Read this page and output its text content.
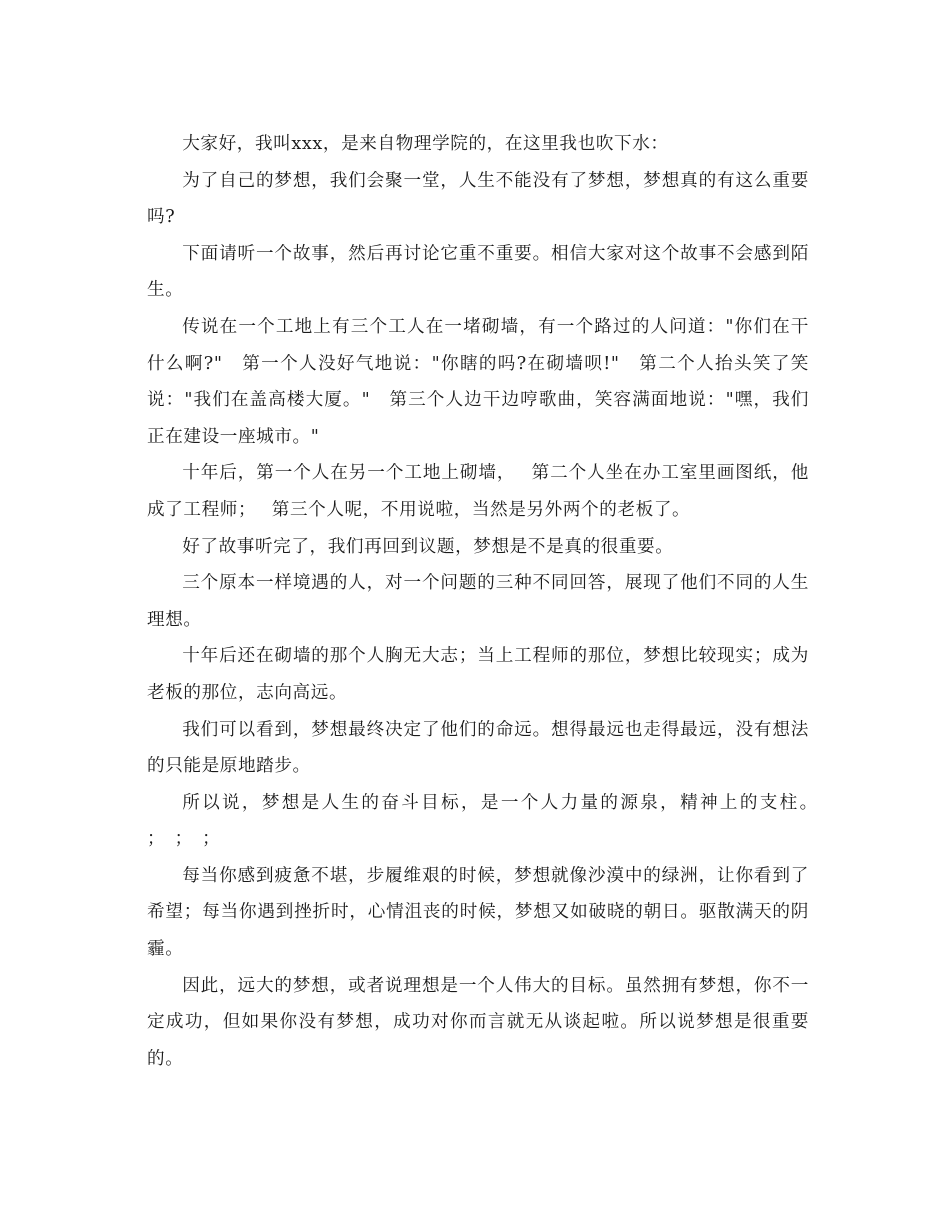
大家好，我叫xxx，是来自物理学院的，在这里我也吹下水：

为了自己的梦想，我们会聚一堂，人生不能没有了梦想，梦想真的有这么重要吗?

下面请听一个故事，然后再讨论它重不重要。相信大家对这个故事不会感到陌生。

传说在一个工地上有三个工人在一堵砌墙，有一个路过的人问道："你们在干什么啊?"　第一个人没好气地说："你瞎的吗?在砌墙呗!"　第二个人抬头笑了笑说："我们在盖高楼大厦。"　第三个人边干边哼歌曲，笑容满面地说："嘿，我们正在建设一座城市。"

十年后，第一个人在另一个工地上砌墙，　 第二个人坐在办工室里画图纸，他成了工程师；　 第三个人呢，不用说啦，当然是另外两个的老板了。

好了故事听完了，我们再回到议题，梦想是不是真的很重要。

三个原本一样境遇的人，对一个问题的三种不同回答，展现了他们不同的人生理想。

十年后还在砌墙的那个人胸无大志；当上工程师的那位，梦想比较现实；成为老板的那位，志向高远。

我们可以看到，梦想最终决定了他们的命远。想得最远也走得最远，没有想法的只能是原地踏步。

所以说，梦想是人生的奋斗目标，是一个人力量的源泉，精神上的支柱。　；　；　；

每当你感到疲惫不堪，步履维艰的时候，梦想就像沙漠中的绿洲，让你看到了希望；每当你遇到挫折时，心情沮丧的时候，梦想又如破晓的朝日。驱散满天的阴霾。

因此，远大的梦想，或者说理想是一个人伟大的目标。虽然拥有梦想，你不一定成功，但如果你没有梦想，成功对你而言就无从谈起啦。所以说梦想是很重要的。
